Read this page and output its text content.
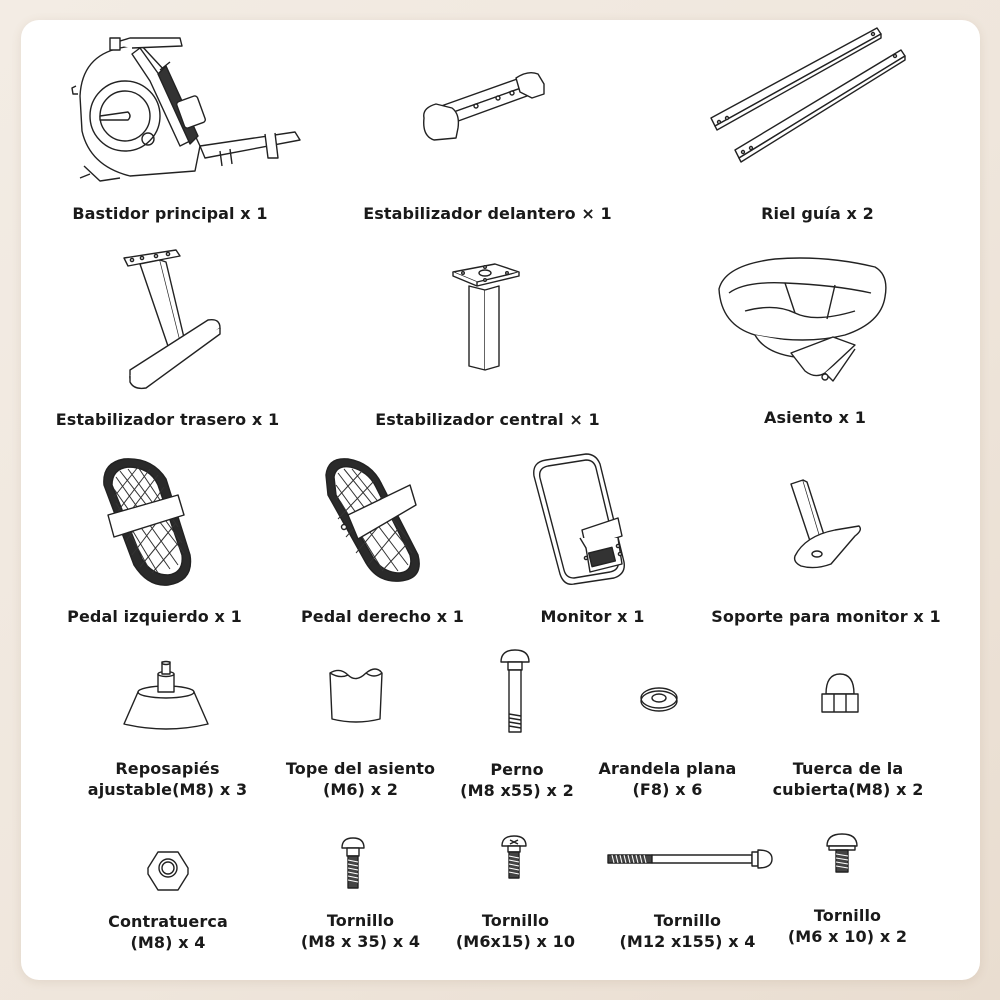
Bastidor principal x 1	Estabilizador delantero × 1	Riel guía x 2
Estabilizador trasero x 1	Estabilizador central × 1	Asiento x 1
Pedal izquierdo x 1	Pedal derecho x 1	Monitor x 1	Soporte para monitor x 1
Reposapiés
ajustable(M8) x 3
Tope del asiento
(M6) x 2
Perno
(M8 x55) x 2
Arandela plana
(F8) x 6
Tuerca de la
cubierta(M8) x 2
Contratuerca
(M8) x 4
Tornillo
(M8 x 35) x 4
Tornillo
(M6x15) x 10
Tornillo
(M12 x155) x 4
Tornillo
(M6 x 10) x 2
